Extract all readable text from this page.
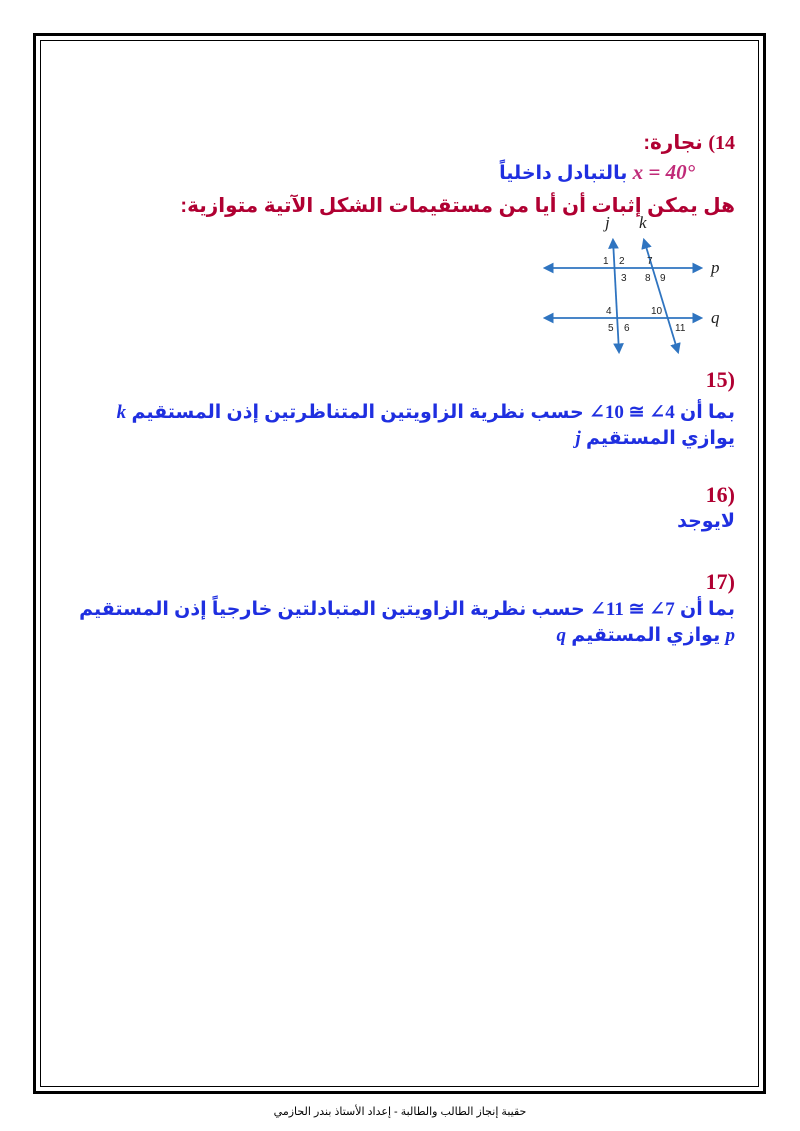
14) نجارة:
x = 40° بالتبادل داخلياً
هل يمكن إثبات أن أيا من مستقيمات الشكل الآتية متوازية:
(15
بما أن ∠10 ≅ ∠4 حسب نظرية الزاويتين المتناظرتين إذن المستقيم k يوازي المستقيم j
(16
لايوجد
(17
بما أن ∠11 ≅ ∠7 حسب نظرية الزاويتين المتبادلتين خارجياً إذن المستقيم p يوازي المستقيم q
j k
p
q
1 2
3
4
5 6
7
8 9
10
11
حقيبة إنجاز الطالب والطالبة - إعداد الأستاذ بندر الحازمي
